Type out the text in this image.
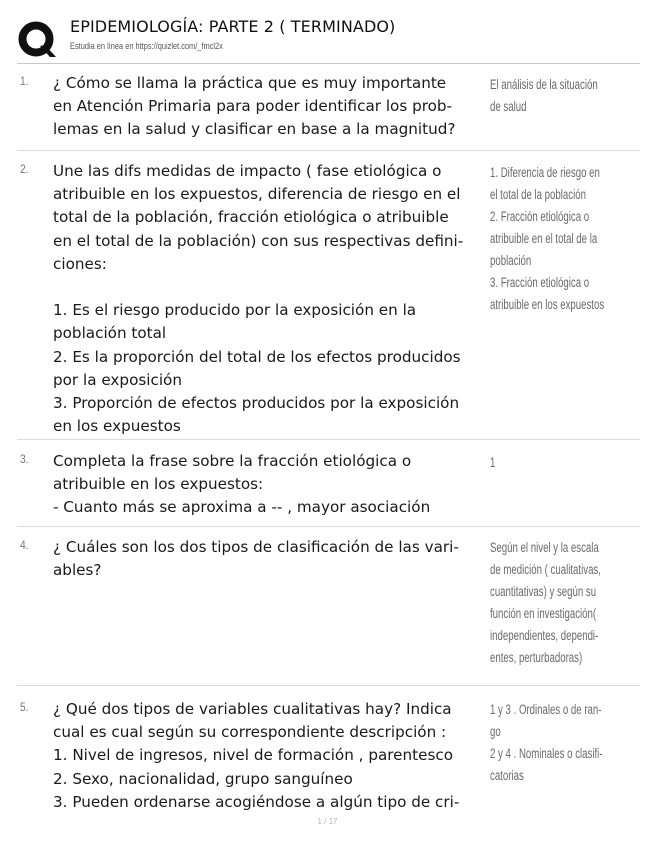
EPIDEMIOLOGÍA: PARTE 2 ( TERMINADO)
Estudia en línea en https://quizlet.com/_fmcl2x
1. ¿ Cómo se llama la práctica que es muy importante
en Atención Primaria para poder identificar los prob-
lemas en la salud y clasificar en base a la magnitud?
El análisis de la situación
de salud
2. Une las difs medidas de impacto ( fase etiológica o
atribuible en los expuestos, diferencia de riesgo en el
total de la población, fracción etiológica o atribuible
en el total de la población) con sus respectivas defini-
ciones:

1. Es el riesgo producido por la exposición en la
población total
2. Es la proporción del total de los efectos producidos
por la exposición
3. Proporción de efectos producidos por la exposición
en los expuestos
1. Diferencia de riesgo en
el total de la población
2. Fracción etiológica o
atribuible en el total de la
población
3. Fracción etiológica o
atribuible en los expuestos
3. Completa la frase sobre la fracción etiológica o
atribuible en los expuestos:
- Cuanto más se aproxima a -- , mayor asociación
1
4. ¿ Cuáles son los dos tipos de clasificación de las vari-
ables?
Según el nivel y la escala
de medición ( cualitativas,
cuantitativas) y según su
función en investigación(
independientes, dependi-
entes, perturbadoras)
5. ¿ Qué dos tipos de variables cualitativas hay? Indica
cual es cual según su correspondiente descripción :
1. Nivel de ingresos, nivel de formación , parentesco
2. Sexo, nacionalidad, grupo sanguíneo
3. Pueden ordenarse acogiéndose a algún tipo de cri-
1 y 3 . Ordinales o de ran-
go
2 y 4 . Nominales o clasifi-
catorias
1 / 17
